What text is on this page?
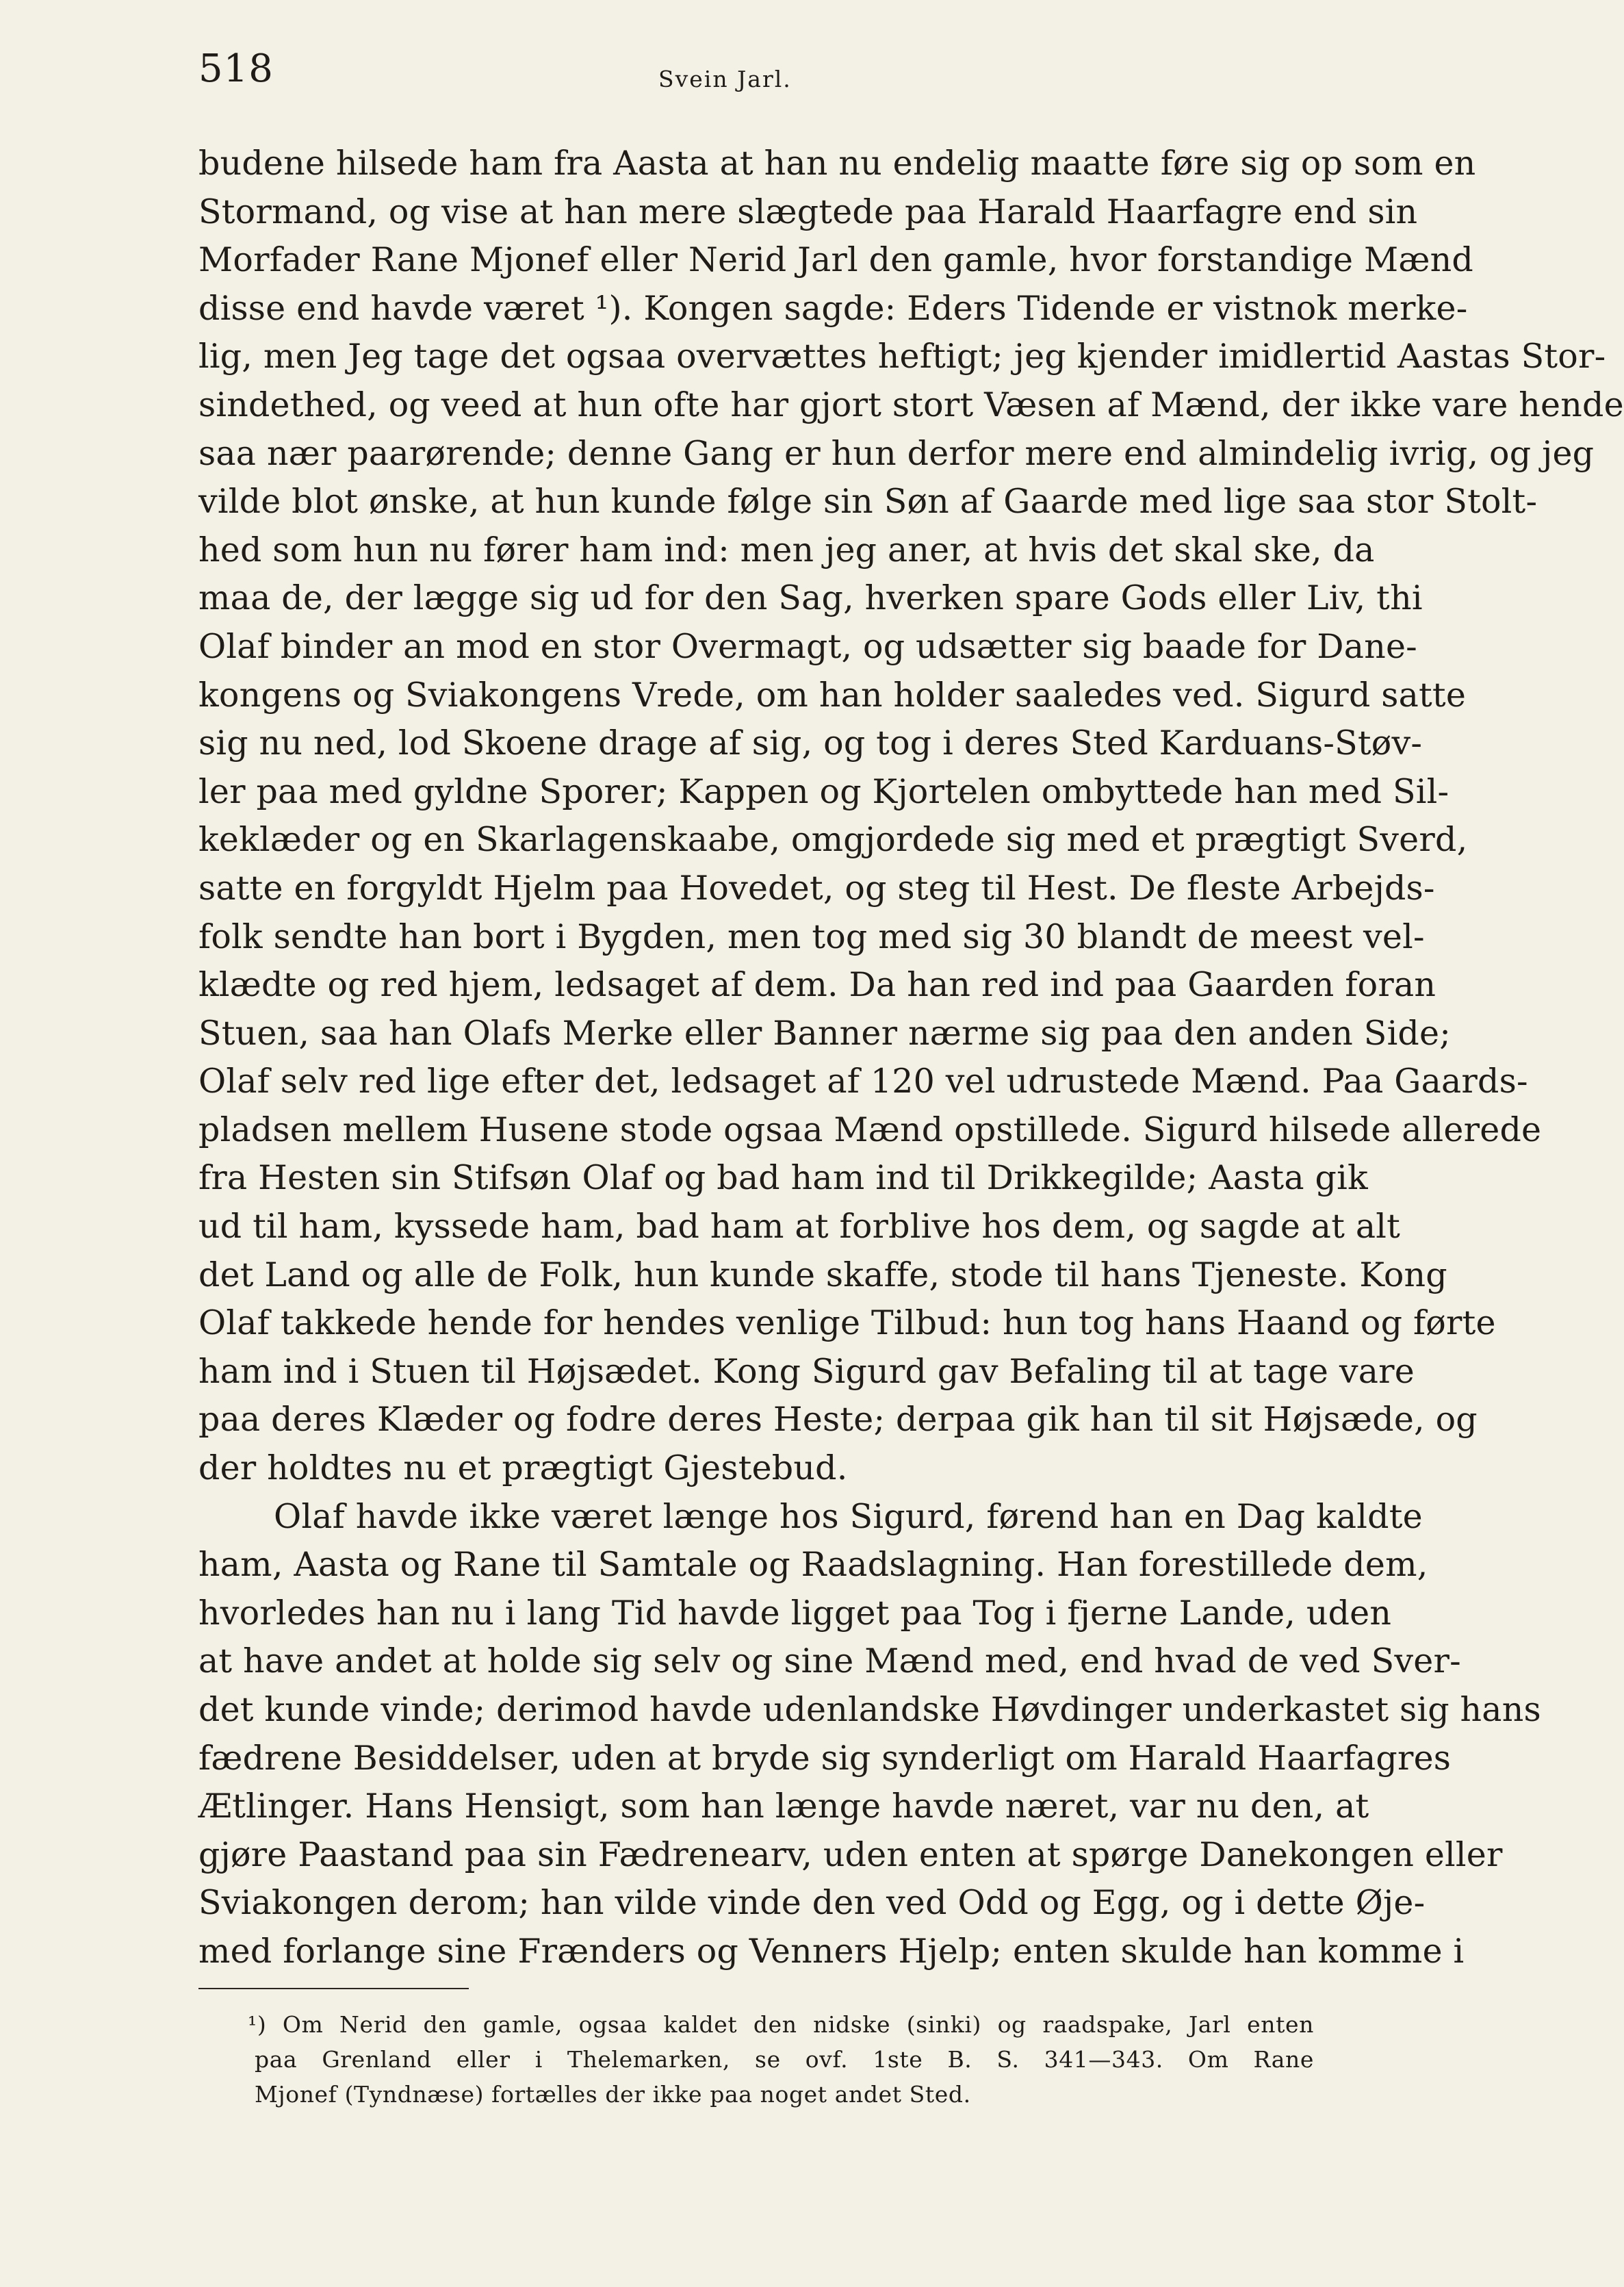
518	Svein Jarl.
budene hilsede ham fra Aasta at han nu endelig maatte føre sig op som en
Stormand, og vise at han mere slægtede paa Harald Haarfagre end sin
Morfader Rane Mjonef eller Nerid Jarl den gamle, hvor forstandige Mænd
disse end havde været ¹). Kongen sagde: Eders Tidende er vistnok merke-
lig, men Jeg tage det ogsaa overvættes heftigt; jeg kjender imidlertid Aastas Stor-
sindethed, og veed at hun ofte har gjort stort Væsen af Mænd, der ikke vare hende
saa nær paarørende; denne Gang er hun derfor mere end almindelig ivrig, og jeg
vilde blot ønske, at hun kunde følge sin Søn af Gaarde med lige saa stor Stolt-
hed som hun nu fører ham ind: men jeg aner, at hvis det skal ske, da
maa de, der lægge sig ud for den Sag, hverken spare Gods eller Liv, thi
Olaf binder an mod en stor Overmagt, og udsætter sig baade for Dane-
kongens og Sviakongens Vrede, om han holder saaledes ved. Sigurd satte
sig nu ned, lod Skoene drage af sig, og tog i deres Sted Karduans-Støv-
ler paa med gyldne Sporer; Kappen og Kjortelen ombyttede han med Sil-
keklæder og en Skarlagenskaabe, omgjordede sig med et prægtigt Sverd,
satte en forgyldt Hjelm paa Hovedet, og steg til Hest. De fleste Arbejds-
folk sendte han bort i Bygden, men tog med sig 30 blandt de meest vel-
klædte og red hjem, ledsaget af dem. Da han red ind paa Gaarden foran
Stuen, saa han Olafs Merke eller Banner nærme sig paa den anden Side;
Olaf selv red lige efter det, ledsaget af 120 vel udrustede Mænd. Paa Gaards-
pladsen mellem Husene stode ogsaa Mænd opstillede. Sigurd hilsede allerede
fra Hesten sin Stifsøn Olaf og bad ham ind til Drikkegilde; Aasta gik
ud til ham, kyssede ham, bad ham at forblive hos dem, og sagde at alt
det Land og alle de Folk, hun kunde skaffe, stode til hans Tjeneste. Kong
Olaf takkede hende for hendes venlige Tilbud: hun tog hans Haand og førte
ham ind i Stuen til Højsædet. Kong Sigurd gav Befaling til at tage vare
paa deres Klæder og fodre deres Heste; derpaa gik han til sit Højsæde, og
der holdtes nu et prægtigt Gjestebud.
Olaf havde ikke været længe hos Sigurd, førend han en Dag kaldte
ham, Aasta og Rane til Samtale og Raadslagning. Han forestillede dem,
hvorledes han nu i lang Tid havde ligget paa Tog i fjerne Lande, uden
at have andet at holde sig selv og sine Mænd med, end hvad de ved Sver-
det kunde vinde; derimod havde udenlandske Høvdinger underkastet sig hans
fædrene Besiddelser, uden at bryde sig synderligt om Harald Haarfagres
Ætlinger. Hans Hensigt, som han længe havde næret, var nu den, at
gjøre Paastand paa sin Fædrenearv, uden enten at spørge Danekongen eller
Sviakongen derom; han vilde vinde den ved Odd og Egg, og i dette Øje-
med forlange sine Frænders og Venners Hjelp; enten skulde han komme i
¹) Om Nerid den gamle, ogsaa kaldet den nidske (sinki) og raadspake, Jarl enten
paa Grenland eller i Thelemarken, se ovf. 1ste B. S. 341—343. Om Rane
Mjonef (Tyndnæse) fortælles der ikke paa noget andet Sted.
